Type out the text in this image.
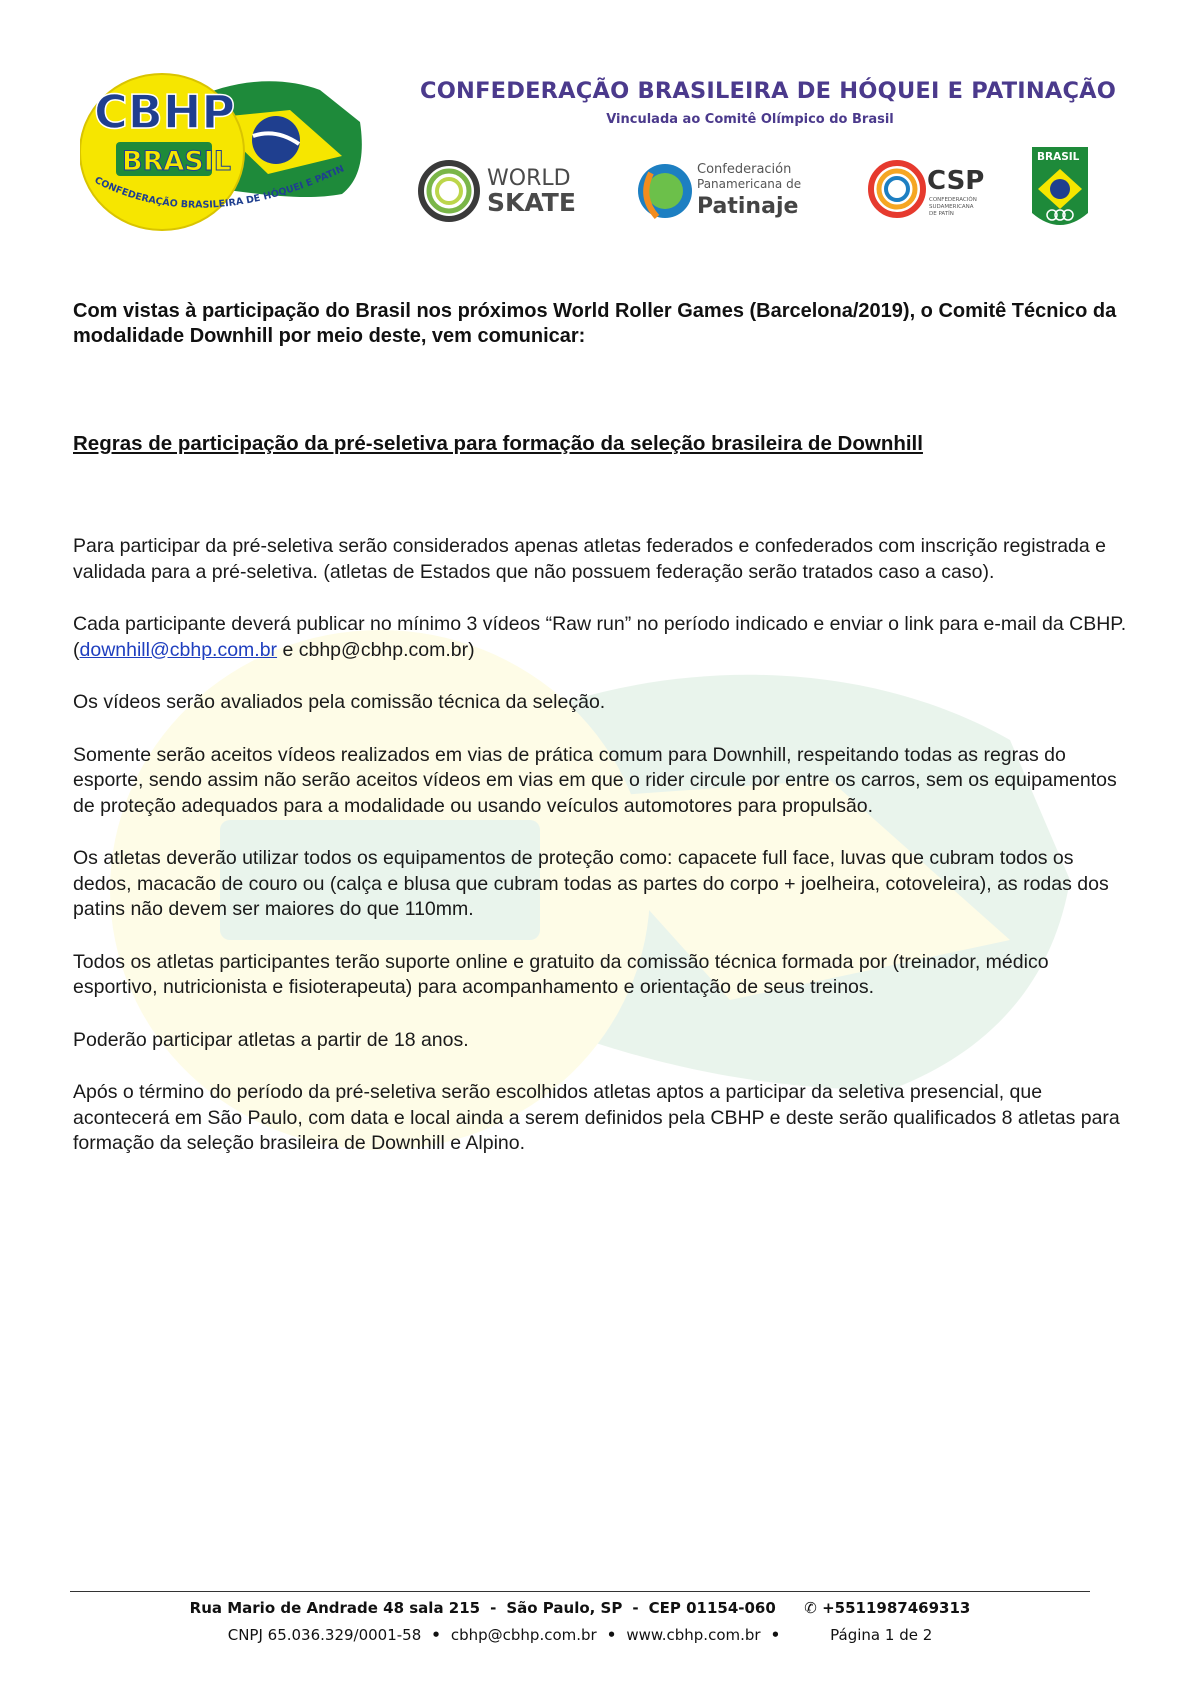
CBHP
BRASIL
CONFEDERAÇÃO BRASILEIRA DE HÓQUEI E PATIN
CONFEDERAÇÃO BRASILEIRA DE HÓQUEI E PATINAÇÃO
Vinculada ao Comitê Olímpico do Brasil
WORLD
SKATE
Confederación
Panamericana de
Patinaje
CSP
CONFEDERACIÓN
SUDAMERICANA
DE PATÍN
BRASIL

Com vistas à participação do Brasil nos próximos World Roller Games (Barcelona/2019), o Comitê Técnico da modalidade Downhill por meio deste, vem comunicar:

Regras de participação da pré-seletiva para formação da seleção brasileira de Downhill

Para participar da pré-seletiva serão considerados apenas atletas federados e confederados com inscrição registrada e validada para a pré-seletiva. (atletas de Estados que não possuem federação serão tratados caso a caso).

Cada participante deverá publicar no mínimo 3 vídeos “Raw run” no período indicado e enviar o link para e-mail da CBHP. (downhill@cbhp.com.br e cbhp@cbhp.com.br)

Os vídeos serão avaliados pela comissão técnica da seleção.

Somente serão aceitos vídeos realizados em vias de prática comum para Downhill, respeitando todas as regras do esporte, sendo assim não serão aceitos vídeos em vias em que o rider circule por entre os carros, sem os equipamentos de proteção adequados para a modalidade ou usando veículos automotores para propulsão.

Os atletas deverão utilizar todos os equipamentos de proteção como: capacete full face, luvas que cubram todos os dedos, macacão de couro ou (calça e blusa que cubram todas as partes do corpo + joelheira, cotoveleira), as rodas dos patins não devem ser maiores do que 110mm.

Todos os atletas participantes terão suporte online e gratuito da comissão técnica formada por (treinador, médico esportivo, nutricionista e fisioterapeuta) para acompanhamento e orientação de seus treinos.

Poderão participar atletas a partir de 18 anos.

Após o término do período da pré-seletiva serão escolhidos atletas aptos a participar da seletiva presencial, que acontecerá em São Paulo, com data e local ainda a serem definidos pela CBHP e deste serão qualificados 8 atletas para formação da seleção brasileira de Downhill e Alpino.

Rua Mario de Andrade 48 sala 215 - São Paulo, SP - CEP 01154-060 ✆ +5511987469313
CNPJ 65.036.329/0001-58 • cbhp@cbhp.com.br • www.cbhp.com.br •	Página 1 de 2
